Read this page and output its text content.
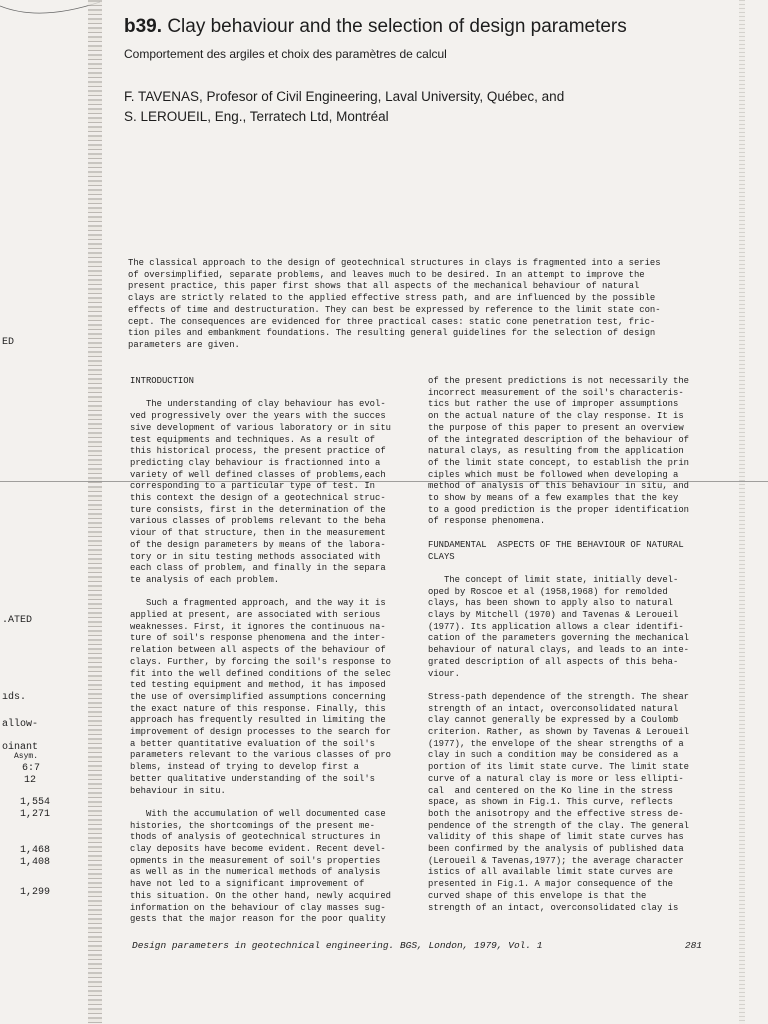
ED
.ATED
ıds.
allow-
oinant
Asym.
6:7
12
1,554
1,271
1,468
1,408
1,299
b39. Clay behaviour and the selection of design parameters
Comportement des argiles et choix des paramètres de calcul
F. TAVENAS, Profesor of Civil Engineering, Laval University, Québec, and
S. LEROUEIL, Eng., Terratech Ltd, Montréal
The classical approach to the design of geotechnical structures in clays is fragmented into a series
of oversimplified, separate problems, and leaves much to be desired. In an attempt to improve the
present practice, this paper first shows that all aspects of the mechanical behaviour of natural
clays are strictly related to the applied effective stress path, and are influenced by the possible
effects of time and destructuration. They can best be expressed by reference to the limit state con-
cept. The consequences are evidenced for three practical cases: static cone penetration test, fric-
tion piles and embankment foundations. The resulting general guidelines for the selection of design
parameters are given.
INTRODUCTION
The understanding of clay behaviour has evol-
ved progressively over the years with the succes
sive development of various laboratory or in situ
test equipments and techniques. As a result of
this historical process, the present practice of
predicting clay behaviour is fractionned into a
variety of well defined classes of problems,each
corresponding to a particular type of test. In
this context the design of a geotechnical struc-
ture consists, first in the determination of the
various classes of problems relevant to the beha
viour of that structure, then in the measurement
of the design parameters by means of the labora-
tory or in situ testing methods associated with
each class of problem, and finally in the separa
te analysis of each problem.
Such a fragmented approach, and the way it is
applied at present, are associated with serious
weaknesses. First, it ignores the continuous na-
ture of soil's response phenomena and the inter-
relation between all aspects of the behaviour of
clays. Further, by forcing the soil's response to
fit into the well defined conditions of the selec
ted testing equipment and method, it has imposed
the use of oversimplified assumptions concerning
the exact nature of this response. Finally, this
approach has frequently resulted in limiting the
improvement of design processes to the search for
a better quantitative evaluation of the soil's
parameters relevant to the various classes of pro
blems, instead of trying to develop first a
better qualitative understanding of the soil's
behaviour in situ.
With the accumulation of well documented case
histories, the shortcomings of the present me-
thods of analysis of geotechnical structures in
clay deposits have become evident. Recent devel-
opments in the measurement of soil's properties
as well as in the numerical methods of analysis
have not led to a significant improvement of
this situation. On the other hand, newly acquired
information on the behaviour of clay masses sug-
gests that the major reason for the poor quality
of the present predictions is not necessarily the
incorrect measurement of the soil's characteris-
tics but rather the use of improper assumptions
on the actual nature of the clay response. It is
the purpose of this paper to present an overview
of the integrated description of the behaviour of
natural clays, as resulting from the application
of the limit state concept, to establish the prin
ciples which must be followed when developing a
method of analysis of this behaviour in situ, and
to show by means of a few examples that the key
to a good prediction is the proper identification
of response phenomena.
FUNDAMENTAL  ASPECTS OF THE BEHAVIOUR OF NATURAL
CLAYS
The concept of limit state, initially devel-
oped by Roscoe et al (1958,1968) for remolded
clays, has been shown to apply also to natural
clays by Mitchell (1970) and Tavenas & Leroueil
(1977). Its application allows a clear identifi-
cation of the parameters governing the mechanical
behaviour of natural clays, and leads to an inte-
grated description of all aspects of this beha-
viour.
Stress-path dependence of the strength. The shear
strength of an intact, overconsolidated natural
clay cannot generally be expressed by a Coulomb
criterion. Rather, as shown by Tavenas & Leroueil
(1977), the envelope of the shear strengths of a
clay in such a condition may be considered as a
portion of its limit state curve. The limit state
curve of a natural clay is more or less ellipti-
cal  and centered on the Ko line in the stress
space, as shown in Fig.1. This curve, reflects
both the anisotropy and the effective stress de-
pendence of the strength of the clay. The general
validity of this shape of limit state curves has
been confirmed by the analysis of published data
(Leroueil & Tavenas,1977); the average character
istics of all available limit state curves are
presented in Fig.1. A major consequence of the
curved shape of this envelope is that the
strength of an intact, overconsolidated clay is
Design parameters in geotechnical engineering. BGS, London, 1979, Vol. 1	281
